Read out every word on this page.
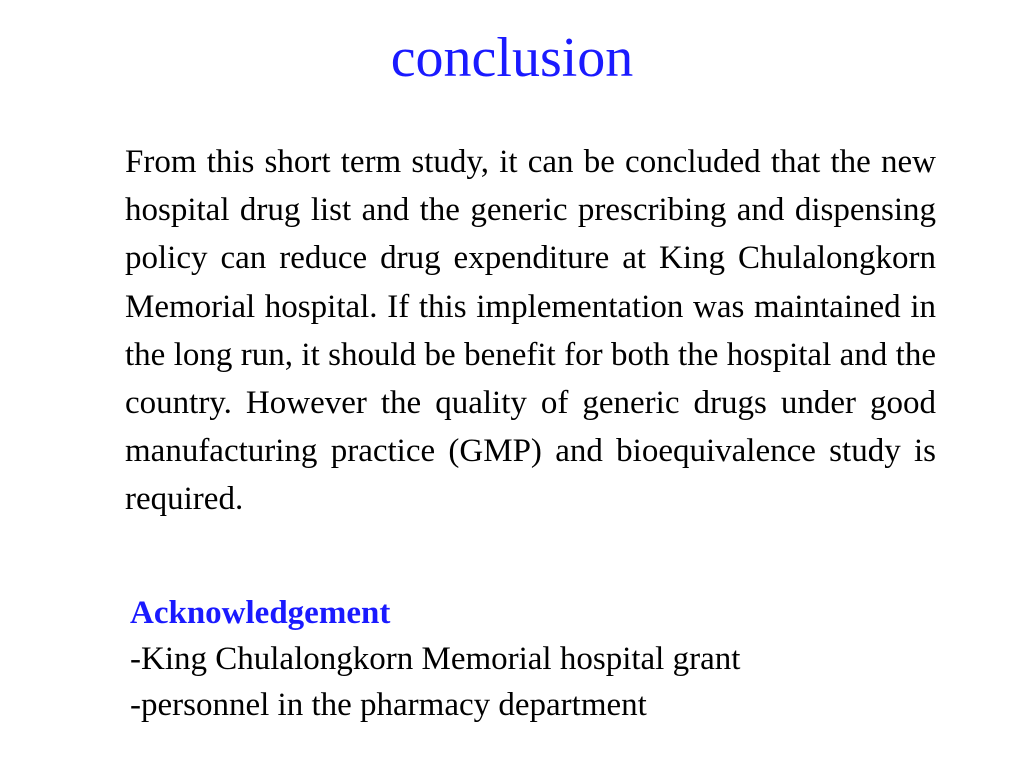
conclusion
From this short term study, it can be concluded that the new hospital drug list and the generic prescribing and dispensing policy can reduce drug expenditure at King Chulalongkorn Memorial hospital. If this implementation was maintained in the long run, it should be benefit for both the hospital and the country. However the quality of generic drugs under good manufacturing practice (GMP) and bioequivalence study is required.
Acknowledgement
-King Chulalongkorn Memorial hospital grant
-personnel in the pharmacy department
